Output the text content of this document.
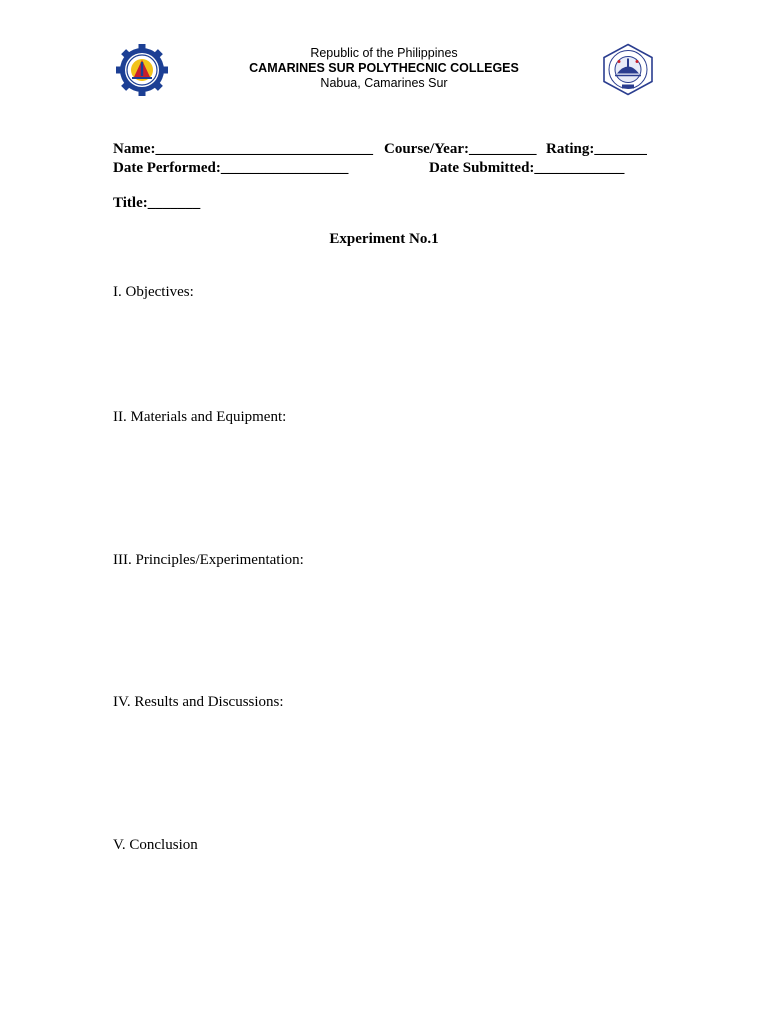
Republic of the Philippines
CAMARINES SUR POLYTHECNIC COLLEGES
Nabua, Camarines Sur
Name:_____________________________ Course/Year:_________ Rating:_______
Date Performed:_________________	Date Submitted:____________
Title:_______
Experiment No.1
I. Objectives:
II. Materials and Equipment:
III. Principles/Experimentation:
IV. Results and Discussions:
V. Conclusion
